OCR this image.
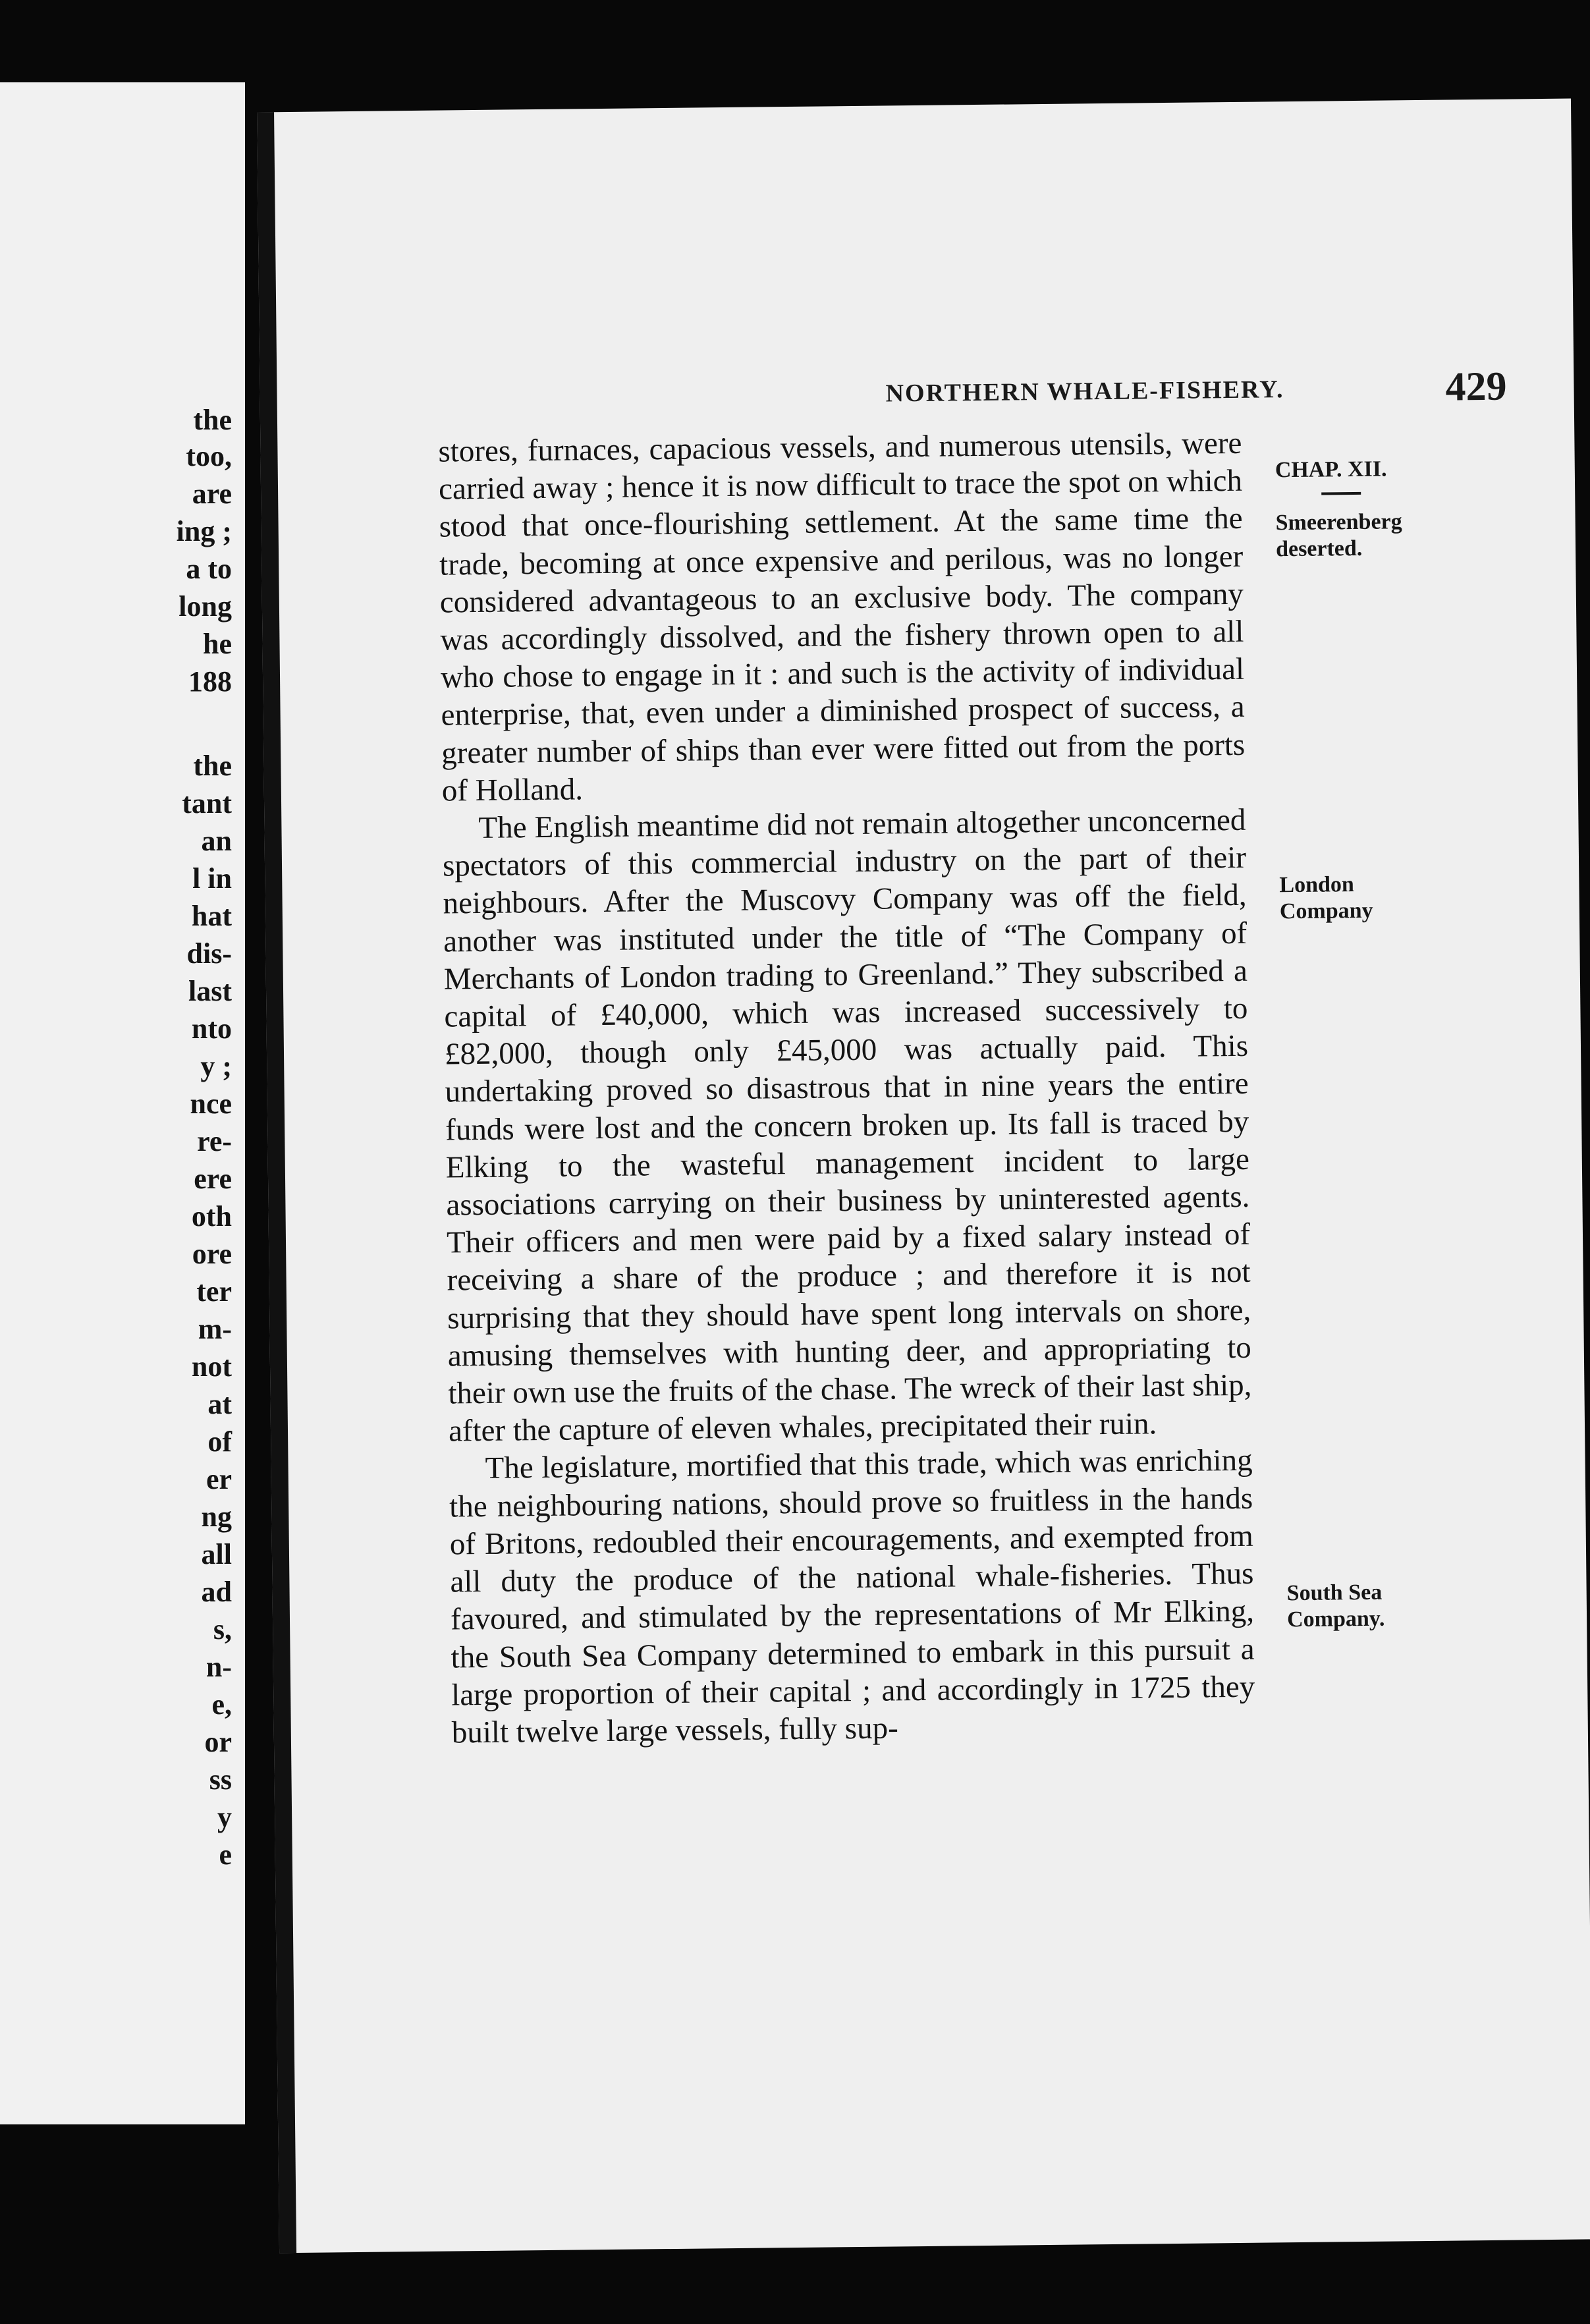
the
too,
are
ing ;
a to
long
he
188
the
tant
an
l in
hat
dis-
last
nto
y ;
nce
re-
ere
oth
ore
ter
m-
not
at
of
er
ng
all
ad
s,
n-
e,
or
ss
y
e
NORTHERN WHALE-FISHERY.	429
CHAP. XII.
Smeerenberg deserted.
London Company
South Sea Company.

stores, furnaces, capacious vessels, and numerous utensils, were carried away ; hence it is now difficult to trace the spot on which stood that once-flourishing settlement. At the same time the trade, becoming at once expensive and perilous, was no longer considered advantageous to an exclusive body. The company was accordingly dissolved, and the fishery thrown open to all who chose to engage in it : and such is the activity of individual enterprise, that, even under a diminished prospect of success, a greater number of ships than ever were fitted out from the ports of Holland.

The English meantime did not remain altogether unconcerned spectators of this commercial industry on the part of their neighbours. After the Muscovy Company was off the field, another was instituted under the title of “The Company of Merchants of London trading to Greenland.” They subscribed a capital of £40,000, which was increased successively to £82,000, though only £45,000 was actually paid. This undertaking proved so disastrous that in nine years the entire funds were lost and the concern broken up. Its fall is traced by Elking to the wasteful management incident to large associations carrying on their business by uninterested agents. Their officers and men were paid by a fixed salary instead of receiving a share of the produce ; and therefore it is not surprising that they should have spent long intervals on shore, amusing themselves with hunting deer, and appropriating to their own use the fruits of the chase. The wreck of their last ship, after the capture of eleven whales, precipitated their ruin.

The legislature, mortified that this trade, which was enriching the neighbouring nations, should prove so fruitless in the hands of Britons, redoubled their encouragements, and exempted from all duty the produce of the national whale-fisheries. Thus favoured, and stimulated by the representations of Mr Elking, the South Sea Company determined to embark in this pursuit a large proportion of their capital ; and accordingly in 1725 they built twelve large vessels, fully sup-
